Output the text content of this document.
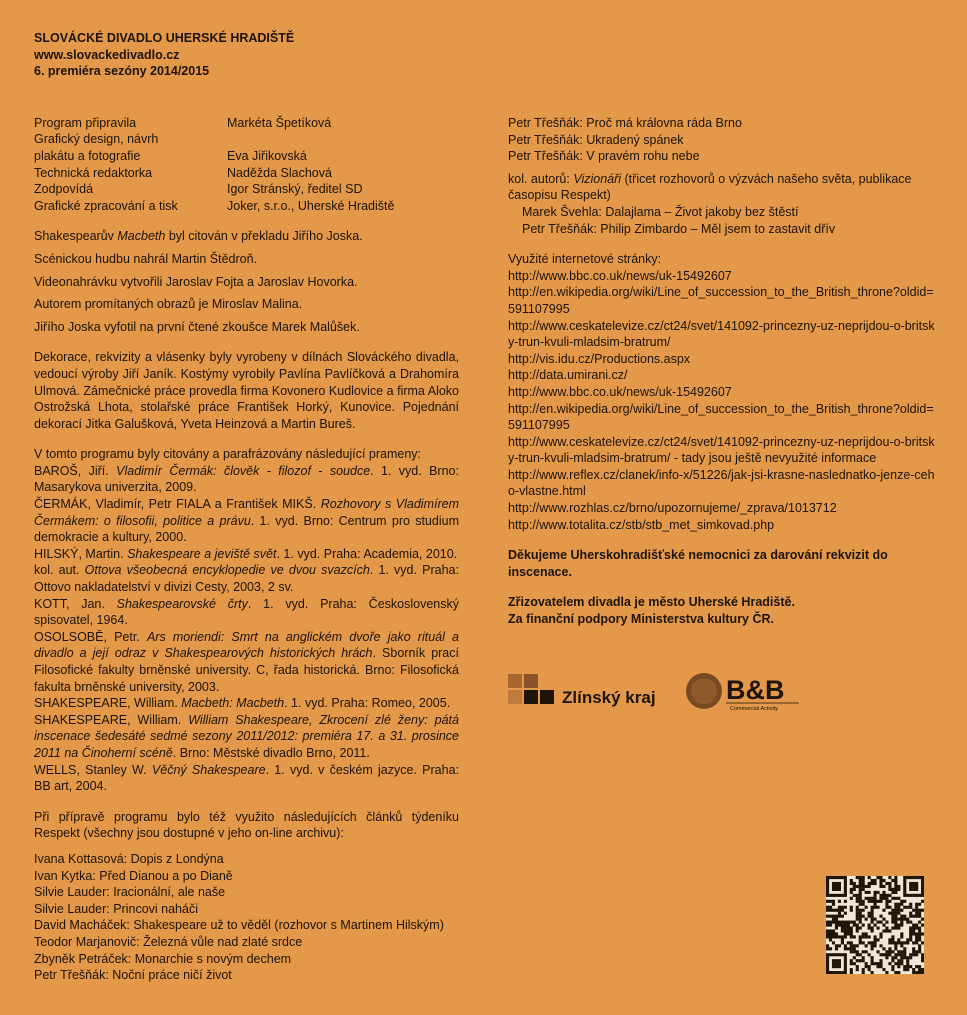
SLOVÁCKÉ DIVADLO UHERSKÉ HRADIŠTĚ

www.slovackedivadlo.cz

6. premiéra sezóny 2014/2015

Program připravila	Markéta Špetíková
Grafický design, návrh
plakátu a fotografie	Eva Jiřikovská
Technická redaktorka	Naděžda Slachová
Zodpovídá	Igor Stránský, ředitel SD
Grafické zpracování a tisk	Joker, s.r.o., Uherské Hradiště

Shakespearův Macbeth byl citován v překladu Jiřího Joska.

Scénickou hudbu nahrál Martin Štědroň.

Videonahrávku vytvořili Jaroslav Fojta a Jaroslav Hovorka.

Autorem promítaných obrazů je Miroslav Malina.

Jiřího Joska vyfotil na první čtené zkoušce Marek Malůšek.

Dekorace, rekvizity a vlásenky byly vyrobeny v dílnách Slováckého divadla, vedoucí výroby Jiří Janík. Kostýmy vyrobily Pavlína Pavlíčková a Drahomíra Ulmová. Zámečnické práce provedla firma Kovonero Kudlovice a firma Aloko Ostrožská Lhota, stolařské práce František Horký, Kunovice. Pojednání dekorací Jitka Galušková, Yveta Heinzová a Martin Bureš.

V tomto programu byly citovány a parafrázovány následující prameny:

BAROŠ, Jiří. Vladimír Čermák: člověk - filozof - soudce. 1. vyd. Brno: Masarykova univerzita, 2009.

ČERMÁK, Vladimír, Petr FIALA a František MIKŠ. Rozhovory s Vladimírem Čermákem: o filosofii, politice a právu. 1. vyd. Brno: Centrum pro studium demokracie a kultury, 2000.

HILSKÝ, Martin. Shakespeare a jeviště svět. 1. vyd. Praha: Academia, 2010.

kol. aut. Ottova všeobecná encyklopedie ve dvou svazcích. 1. vyd. Praha: Ottovo nakladatelství v divizi Cesty, 2003, 2 sv.

KOTT, Jan. Shakespearovské črty. 1. vyd. Praha: Československý spisovatel, 1964.

OSOLSOBĚ, Petr. Ars moriendi: Smrt na anglickém dvoře jako rituál a divadlo a její odraz v Shakespearových historických hrách. Sborník prací Filosofické fakulty brněnské university. C, řada historická. Brno: Filosofická fakulta brněnské university, 2003.

SHAKESPEARE, William. Macbeth: Macbeth. 1. vyd. Praha: Romeo, 2005.

SHAKESPEARE, William. William Shakespeare, Zkrocení zlé ženy: pátá inscenace šedesáté sedmé sezony 2011/2012: premiéra 17. a 31. prosince 2011 na Činoherní scéně. Brno: Městské divadlo Brno, 2011.

WELLS, Stanley W. Věčný Shakespeare. 1. vyd. v českém jazyce. Praha: BB art, 2004.

Při přípravě programu bylo též využito následujících článků týdeníku Respekt (všechny jsou dostupné v jeho on-line archivu):

Ivana Kottasová: Dopis z Londýna

Ivan Kytka: Před Dianou a po Dianě

Silvie Lauder: Iracionální, ale naše

Silvie Lauder: Princovi naháči

David Macháček: Shakespeare už to věděl (rozhovor s Martinem Hilským)

Teodor Marjanovič: Železná vůle nad zlaté srdce

Zbyněk Petráček: Monarchie s novým dechem

Petr Třešňák: Noční práce ničí život

Petr Třešňák: Proč má královna ráda Brno

Petr Třešňák: Ukradený spánek

Petr Třešňák: V pravém rohu nebe

kol. autorů: Vizionáři (třicet rozhovorů o výzvách našeho světa, publikace časopisu Respekt)

Marek Švehla: Dalajlama – Život jakoby bez štěstí

Petr Třešňák: Philip Zimbardo – Měl jsem to zastavit dřív

Využité internetové stránky:

http://www.bbc.co.uk/news/uk-15492607

http://en.wikipedia.org/wiki/Line_of_succession_to_the_British_throne?oldid=591107995

http://www.ceskatelevize.cz/ct24/svet/141092-princezny-uz-neprijdou-o-britsky-trun-kvuli-mladsim-bratrum/

http://vis.idu.cz/Productions.aspx

http://data.umirani.cz/

http://www.bbc.co.uk/news/uk-15492607

http://en.wikipedia.org/wiki/Line_of_succession_to_the_British_throne?oldid=591107995

http://www.ceskatelevize.cz/ct24/svet/141092-princezny-uz-neprijdou-o-britsky-trun-kvuli-mladsim-bratrum/ - tady jsou ještě nevyužité informace

http://www.reflex.cz/clanek/info-x/51226/jak-jsi-krasne-naslednatko-jenze-ceho-vlastne.html

http://www.rozhlas.cz/brno/upozornujeme/_zprava/1013712

http://www.totalita.cz/stb/stb_met_simkovad.php

Děkujeme Uherskohradišťské nemocnici za darování rekvizit do inscenace.

Zřizovatelem divadla je město Uherské Hradiště.

Za finanční podpory Ministerstva kultury ČR.

Zlínský kraj	B&B
Commercial Activity
